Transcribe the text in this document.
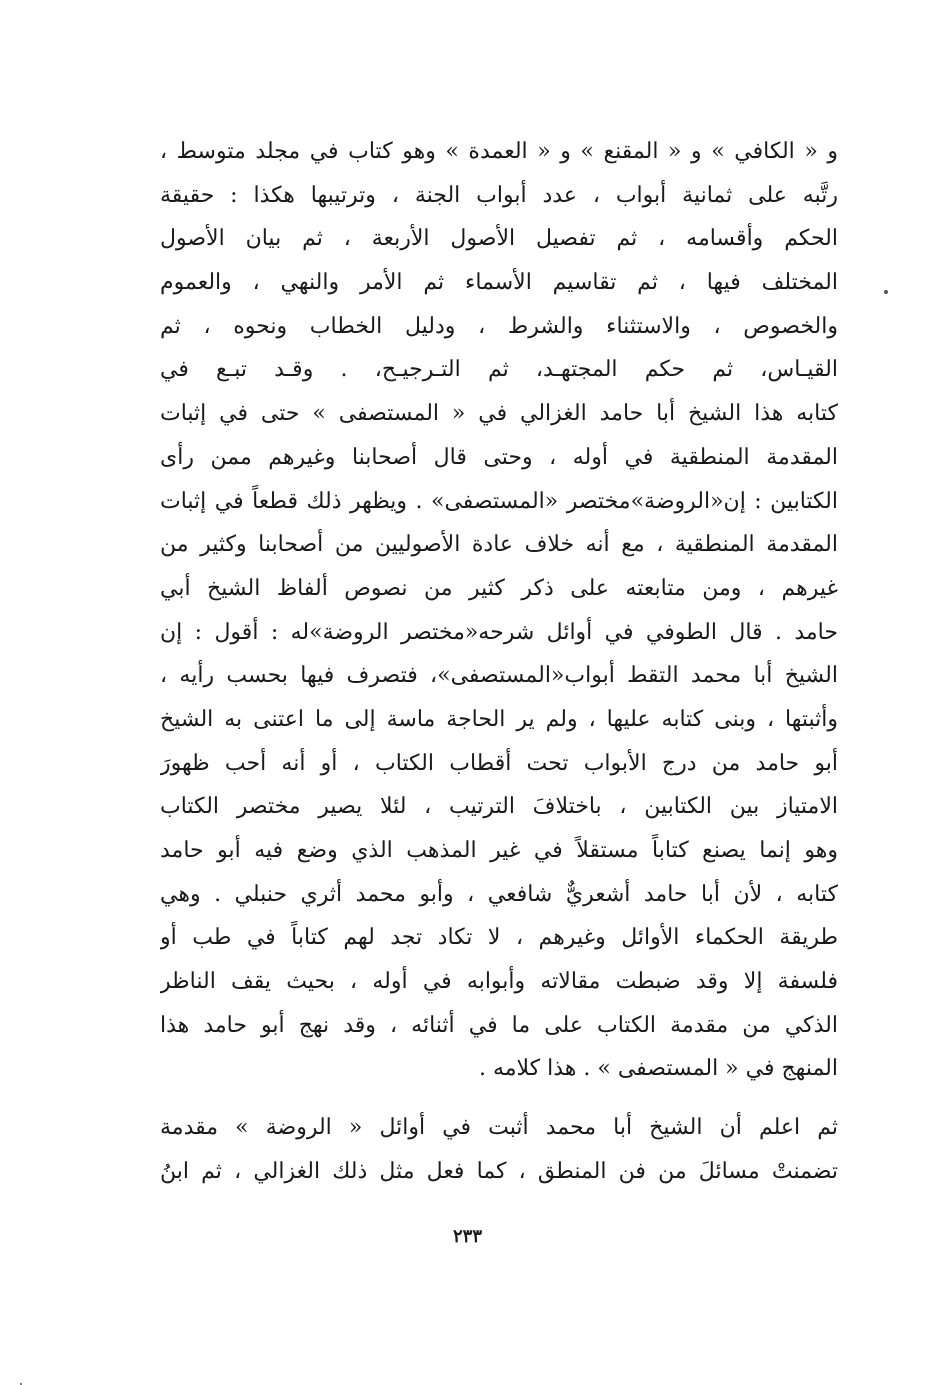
و « الكافي » و « المقنع » و « العمدة » وهو كتاب في مجلد متوسط ،
رتَّبه على ثمانية أبواب ، عدد أبواب الجنة ، وترتيبها هكذا : حقيقة
الحكم وأقسامه ، ثم تفصيل الأصول الأربعة ، ثم بيان الأصول
المختلف فيها ، ثم تقاسيم الأسماء ثم الأمر والنهي ، والعموم
والخصوص ، والاستثناء والشرط ، ودليل الخطاب ونحوه ، ثم
القيـاس، ثم حكم المجتهـد، ثم التـرجيـح، . وقـد تبـع في
كتابه هذا الشيخ أبا حامد الغزالي في « المستصفى » حتى في إثبات
المقدمة المنطقية في أوله ، وحتى قال أصحابنا وغيرهم ممن رأى
الكتابين : إن«الروضة»مختصر «المستصفى» . ويظهر ذلك قطعاً في إثبات
المقدمة المنطقية ، مع أنه خلاف عادة الأصوليين من أصحابنا وكثير من
غيرهم ، ومن متابعته على ذكر كثير من نصوص ألفاظ الشيخ أبي
حامد . قال الطوفي في أوائل شرحه«مختصر الروضة»له : أقول : إن
الشيخ أبا محمد التقط أبواب«المستصفى»، فتصرف فيها بحسب رأيه ،
وأثبتها ، وبنى كتابه عليها ، ولم ير الحاجة ماسة إلى ما اعتنى به الشيخ
أبو حامد من درج الأبواب تحت أقطاب الكتاب ، أو أنه أحب ظهورَ
الامتياز بين الكتابين ، باختلافَ الترتيب ، لئلا يصير مختصر الكتاب
وهو إنما يصنع كتاباً مستقلاً في غير المذهب الذي وضع فيه أبو حامد
كتابه ، لأن أبا حامد أشعريٌّ شافعي ، وأبو محمد أثري حنبلي . وهي
طريقة الحكماء الأوائل وغيرهم ، لا تكاد تجد لهم كتاباً في طب أو
فلسفة إلا وقد ضبطت مقالاته وأبوابه في أوله ، بحيث يقف الناظر
الذكي من مقدمة الكتاب على ما في أثنائه ، وقد نهج أبو حامد هذا
المنهج في « المستصفى » . هذا كلامه .
ثم اعلم أن الشيخ أبا محمد أثبت في أوائل « الروضة » مقدمة
تضمنتْ مسائلَ من فن المنطق ، كما فعل مثل ذلك الغزالي ، ثم ابنُ
٢٣٣
